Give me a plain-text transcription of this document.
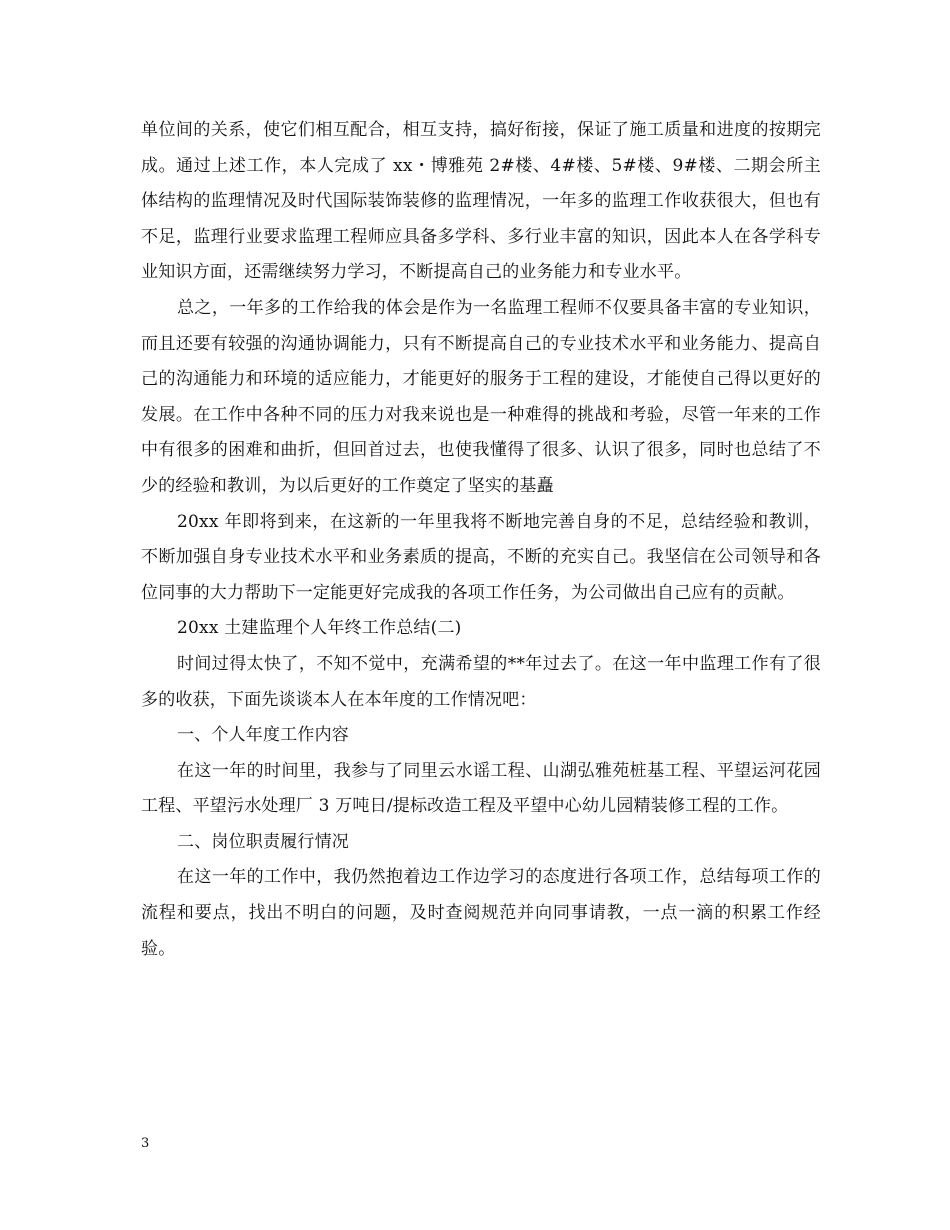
单位间的关系，使它们相互配合，相互支持，搞好衔接，保证了施工质量和进度的按期完成。通过上述工作，本人完成了 xx・博雅苑 2#楼、4#楼、5#楼、9#楼、二期会所主体结构的监理情况及时代国际装饰装修的监理情况，一年多的监理工作收获很大，但也有不足，监理行业要求监理工程师应具备多学科、多行业丰富的知识，因此本人在各学科专业知识方面，还需继续努力学习，不断提高自己的业务能力和专业水平。

总之，一年多的工作给我的体会是作为一名监理工程师不仅要具备丰富的专业知识，而且还要有较强的沟通协调能力，只有不断提高自己的专业技术水平和业务能力、提高自己的沟通能力和环境的适应能力，才能更好的服务于工程的建设，才能使自己得以更好的发展。在工作中各种不同的压力对我来说也是一种难得的挑战和考验，尽管一年来的工作中有很多的困难和曲折，但回首过去，也使我懂得了很多、认识了很多，同时也总结了不少的经验和教训，为以后更好的工作奠定了坚实的基矗

20xx 年即将到来，在这新的一年里我将不断地完善自身的不足，总结经验和教训，不断加强自身专业技术水平和业务素质的提高，不断的充实自己。我坚信在公司领导和各位同事的大力帮助下一定能更好完成我的各项工作任务，为公司做出自己应有的贡献。

20xx 土建监理个人年终工作总结(二)

时间过得太快了，不知不觉中，充满希望的**年过去了。在这一年中监理工作有了很多的收获，下面先谈谈本人在本年度的工作情况吧：

一、个人年度工作内容

在这一年的时间里，我参与了同里云水谣工程、山湖弘雅苑桩基工程、平望运河花园工程、平望污水处理厂 3 万吨日/提标改造工程及平望中心幼儿园精装修工程的工作。

二、岗位职责履行情况

在这一年的工作中，我仍然抱着边工作边学习的态度进行各项工作，总结每项工作的流程和要点，找出不明白的问题，及时查阅规范并向同事请教，一点一滴的积累工作经验。

3
